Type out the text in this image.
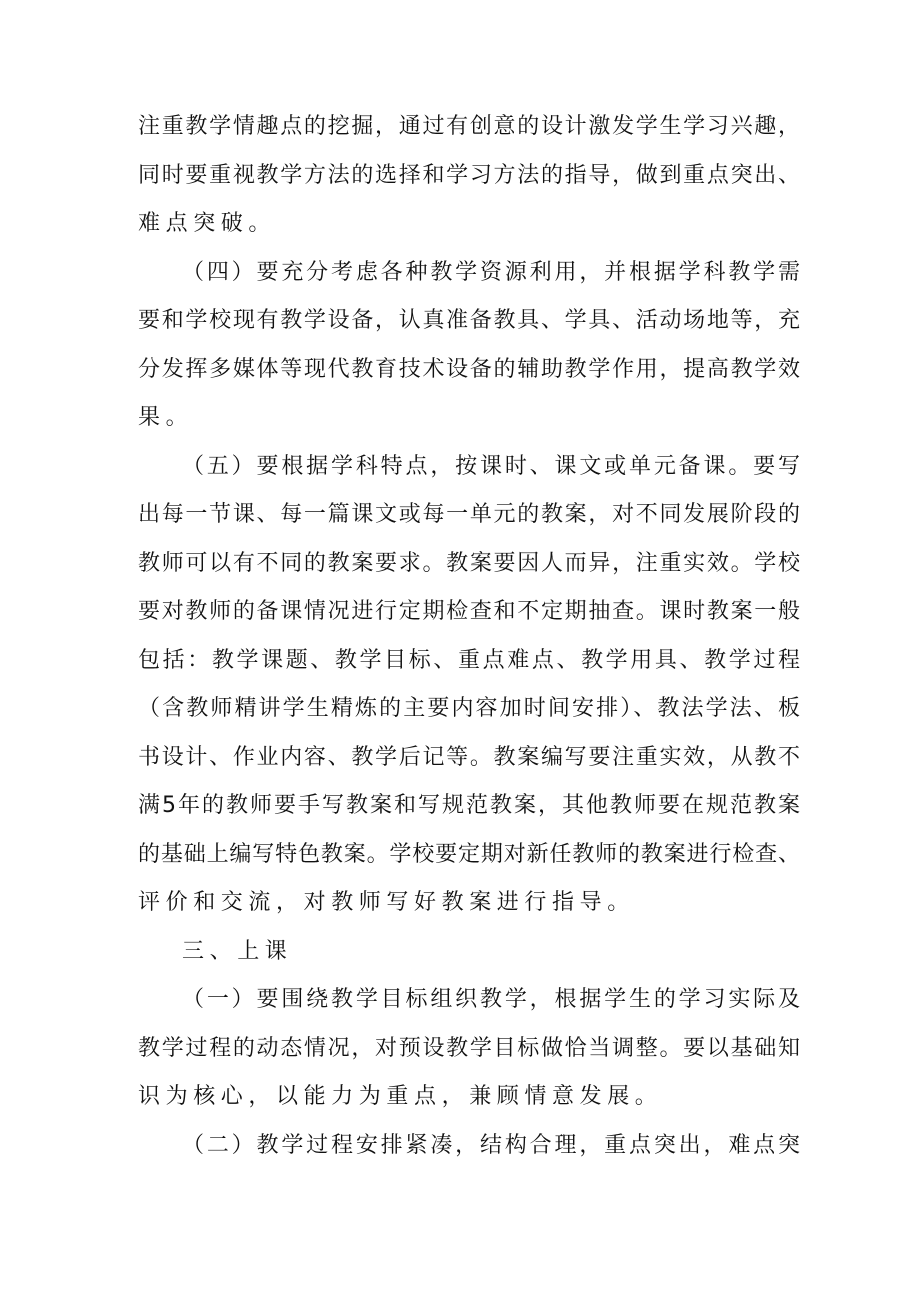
注重教学情趣点的挖掘，通过有创意的设计激发学生学习兴趣，
同时要重视教学方法的选择和学习方法的指导，做到重点突出、
难点突破。
（四）要充分考虑各种教学资源利用，并根据学科教学需
要和学校现有教学设备，认真准备教具、学具、活动场地等，充
分发挥多媒体等现代教育技术设备的辅助教学作用，提高教学效
果。
（五）要根据学科特点，按课时、课文或单元备课。要写
出每一节课、每一篇课文或每一单元的教案，对不同发展阶段的
教师可以有不同的教案要求。教案要因人而异，注重实效。学校
要对教师的备课情况进行定期检查和不定期抽查。课时教案一般
包括：教学课题、教学目标、重点难点、教学用具、教学过程
（含教师精讲学生精炼的主要内容加时间安排）、教法学法、板
书设计、作业内容、教学后记等。教案编写要注重实效，从教不
满5年的教师要手写教案和写规范教案，其他教师要在规范教案
的基础上编写特色教案。学校要定期对新任教师的教案进行检查、
评价和交流，对教师写好教案进行指导。
三、上课
（一）要围绕教学目标组织教学，根据学生的学习实际及
教学过程的动态情况，对预设教学目标做恰当调整。要以基础知
识为核心，以能力为重点，兼顾情意发展。
（二）教学过程安排紧凑，结构合理，重点突出，难点突
